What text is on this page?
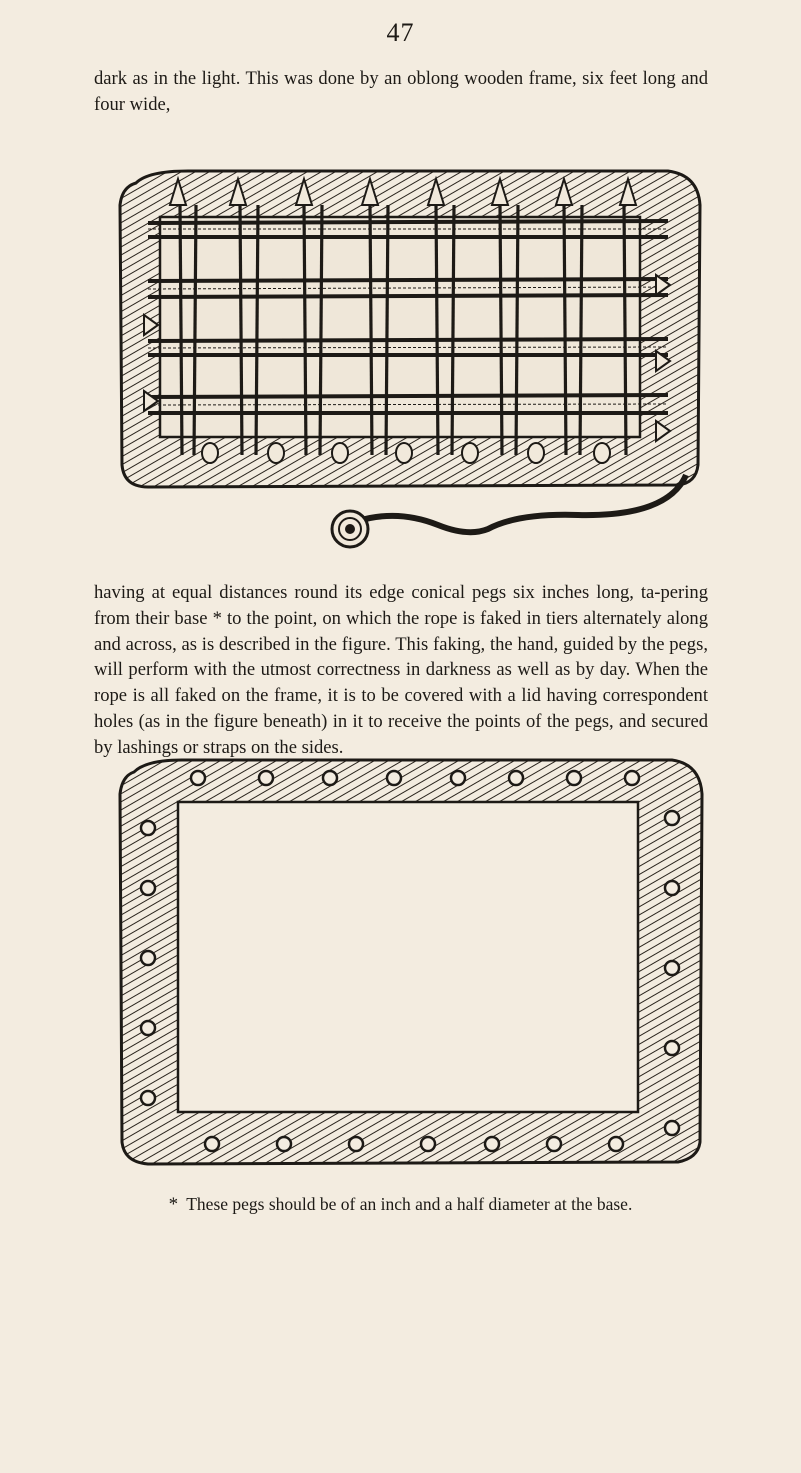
47
dark as in the light. This was done by an oblong wooden frame, six feet long and four wide,
having at equal distances round its edge conical pegs six inches long, ta-pering from their base * to the point, on which the rope is faked in tiers alternately along and across, as is described in the figure. This faking, the hand, guided by the pegs, will perform with the utmost correctness in darkness as well as by day. When the rope is all faked on the frame, it is to be covered with a lid having correspondent holes (as in the figure beneath) in it to receive the points of the pegs, and secured by lashings or straps on the sides.
* These pegs should be of an inch and a half diameter at the base.
